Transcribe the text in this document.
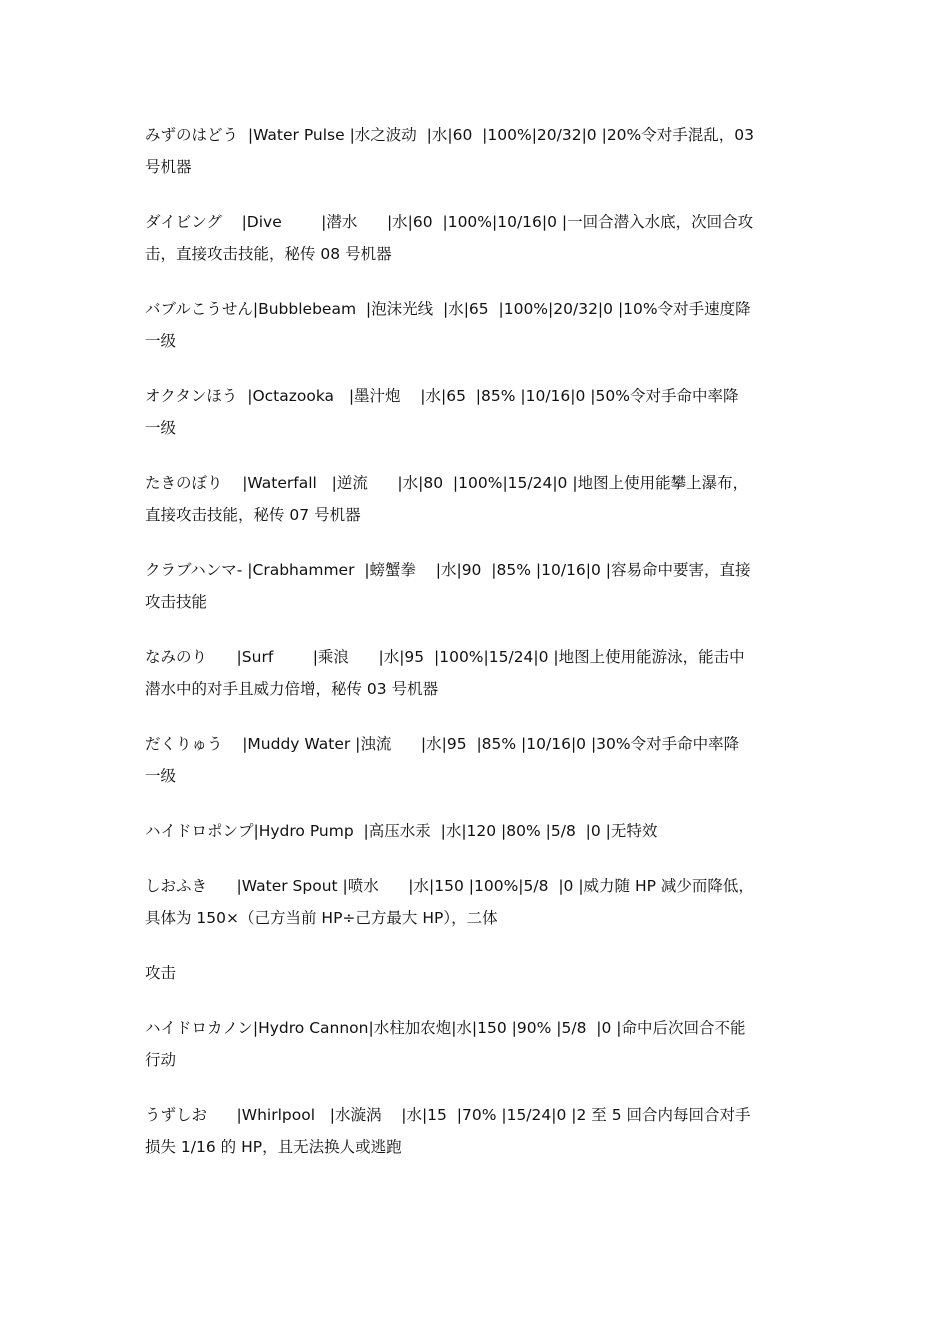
みずのはどう  |Water Pulse |水之波动  |水|60  |100%|20/32|0 |20%令对手混乱，03
号机器

ダイビング    |Dive        |潜水      |水|60  |100%|10/16|0 |一回合潜入水底，次回合攻
击，直接攻击技能，秘传 08 号机器

バブルこうせん|Bubblebeam  |泡沫光线  |水|65  |100%|20/32|0 |10%令对手速度降
一级

オクタンほう  |Octazooka   |墨汁炮    |水|65  |85% |10/16|0 |50%令对手命中率降
一级

たきのぼり    |Waterfall   |逆流      |水|80  |100%|15/24|0 |地图上使用能攀上瀑布，
直接攻击技能，秘传 07 号机器

クラブハンマ- |Crabhammer  |螃蟹拳    |水|90  |85% |10/16|0 |容易命中要害，直接
攻击技能

なみのり      |Surf        |乘浪      |水|95  |100%|15/24|0 |地图上使用能游泳，能击中
潜水中的对手且威力倍增，秘传 03 号机器

だくりゅう    |Muddy Water |浊流      |水|95  |85% |10/16|0 |30%令对手命中率降
一级

ハイドロポンプ|Hydro Pump  |高压水汞  |水|120 |80% |5/8  |0 |无特效

しおふき      |Water Spout |喷水      |水|150 |100%|5/8  |0 |威力随 HP 减少而降低，
具体为 150×（己方当前 HP÷己方最大 HP），二体

攻击

ハイドロカノン|Hydro Cannon|水柱加农炮|水|150 |90% |5/8  |0 |命中后次回合不能
行动

うずしお      |Whirlpool   |水漩涡    |水|15  |70% |15/24|0 |2 至 5 回合内每回合对手
损失 1/16 的 HP，且无法换人或逃跑
